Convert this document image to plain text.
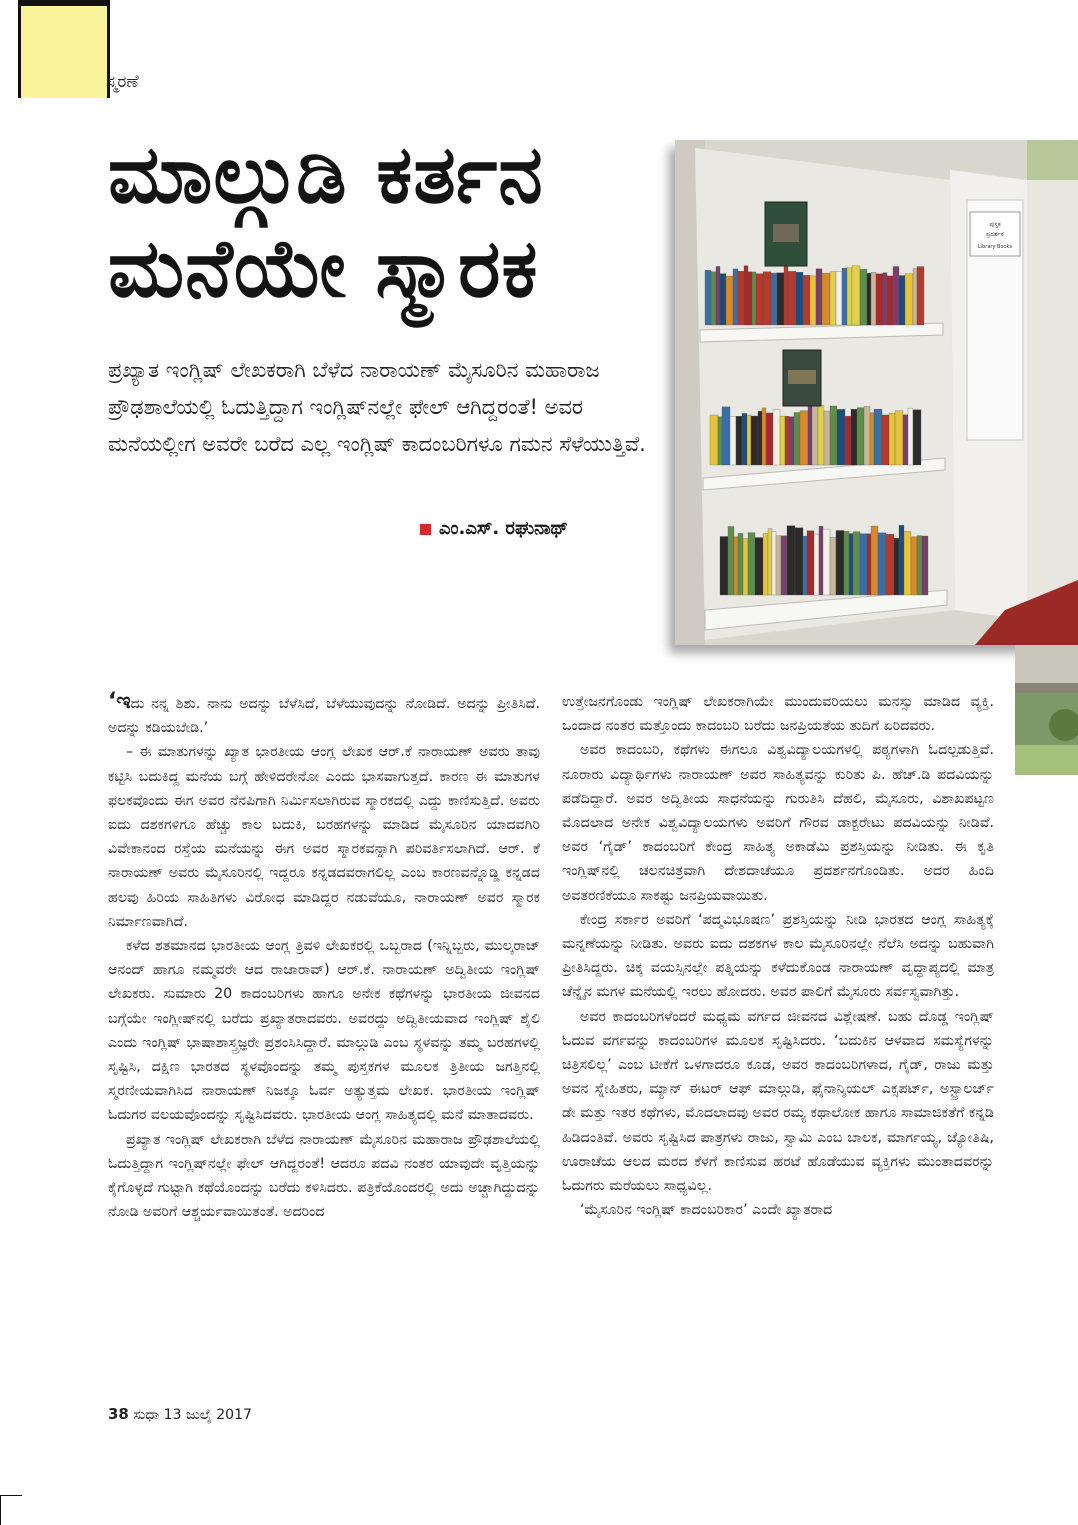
ಸ್ಮರಣೆ
ಮಾಲ್ಗುಡಿ ಕರ್ತನ
ಮನೆಯೇ ಸ್ಮಾರಕ
ಪ್ರಖ್ಯಾತ ಇಂಗ್ಲಿಷ್ ಲೇಖಕರಾಗಿ ಬೆಳೆದ ನಾರಾಯಣ್ ಮೈಸೂರಿನ ಮಹಾರಾಜ ಪ್ರೌಢಶಾಲೆಯಲ್ಲಿ ಓದುತ್ತಿದ್ದಾಗ ಇಂಗ್ಲಿಷ್‌ನಲ್ಲೇ ಫೇಲ್ ಆಗಿದ್ದರಂತೆ! ಅವರ ಮನೆಯಲ್ಲೀಗ ಅವರೇ ಬರೆದ ಎಲ್ಲ ಇಂಗ್ಲಿಷ್ ಕಾದಂಬರಿಗಳೂ ಗಮನ ಸೆಳೆಯುತ್ತಿವೆ.
ಎಂ.ಎಸ್. ರಘುನಾಥ್
ಪುಸ್ತಕ
ಪ್ರದರ್ಶನ
Library Books

‘ಇದು ನನ್ನ ಶಿಶು. ನಾನು ಅದನ್ನು ಬೆಳೆಸಿದೆ, ಬೆಳೆಯುವುದನ್ನು ನೋಡಿದೆ. ಅದನ್ನು ಪ್ರೀತಿಸಿದೆ. ಅದನ್ನು ಕಡಿಯಬೇಡಿ.’

– ಈ ಮಾತುಗಳನ್ನು ಖ್ಯಾತ ಭಾರತೀಯ ಆಂಗ್ಲ ಲೇಖಕ ಆರ್.ಕೆ ನಾರಾಯಣ್ ಅವರು ತಾವು ಕಟ್ಟಿಸಿ ಬದುಕಿದ್ದ ಮನೆಯ ಬಗ್ಗೆ ಹೇಳಿದರೇನೋ ಎಂದು ಭಾಸವಾಗುತ್ತದೆ. ಕಾರಣ ಈ ಮಾತುಗಳ ಫಲಕವೊಂದು ಈಗ ಅವರ ನೆನಪಿಗಾಗಿ ನಿರ್ಮಿಸಲಾಗಿರುವ ಸ್ಮಾರಕದಲ್ಲಿ ಎದ್ದು ಕಾಣಿಸುತ್ತಿದೆ. ಅವರು ಐದು ದಶಕಗಳಿಗೂ ಹೆಚ್ಚು ಕಾಲ ಬದುಕಿ, ಬರಹಗಳನ್ನು ಮಾಡಿದ ಮೈಸೂರಿನ ಯಾದವಗಿರಿ ವಿವೇಕಾನಂದ ರಸ್ತೆಯ ಮನೆಯನ್ನು ಈಗ ಅವರ ಸ್ಮಾರಕವನ್ನಾಗಿ ಪರಿವರ್ತಿಸಲಾಗಿದೆ. ಆರ್. ಕೆ ನಾರಾಯಣ್ ಅವರು ಮೈಸೂರಿನಲ್ಲಿ ಇದ್ದರೂ ಕನ್ನಡದವರಾಗಲಿಲ್ಲ ಎಂಬ ಕಾರಣವನ್ನೊಡ್ಡಿ ಕನ್ನಡದ ಹಲವು ಹಿರಿಯ ಸಾಹಿತಿಗಳು ವಿರೋಧ ಮಾಡಿದ್ದರ ನಡುವೆಯೂ, ನಾರಾಯಣ್ ಅವರ ಸ್ಮಾರಕ ನಿರ್ಮಾಣವಾಗಿದೆ.

ಕಳೆದ ಶತಮಾನದ ಭಾರತೀಯ ಆಂಗ್ಲ ತ್ರಿವಳಿ ಲೇಖಕರಲ್ಲಿ ಒಬ್ಬರಾದ (ಇನ್ನಿಬ್ಬರು, ಮುಲ್ಕರಾಜ್ ಆನಂದ್ ಹಾಗೂ ನಮ್ಮವರೇ ಆದ ರಾಜಾರಾವ್) ಆರ್.ಕೆ. ನಾರಾಯಣ್ ಅದ್ವಿತೀಯ ಇಂಗ್ಲಿಷ್ ಲೇಖಕರು. ಸುಮಾರು 20 ಕಾದಂಬರಿಗಳು ಹಾಗೂ ಅನೇಕ ಕಥೆಗಳನ್ನು ಭಾರತೀಯ ಜೀವನದ ಬಗ್ಗೆಯೇ ಇಂಗ್ಲೀಷ್‌ನಲ್ಲಿ ಬರೆದು ಪ್ರಖ್ಯಾತರಾದವರು. ಅವರದ್ದು ಅದ್ವಿತೀಯವಾದ ಇಂಗ್ಲಿಷ್ ಶೈಲಿ ಎಂದು ಇಂಗ್ಲಿಷ್ ಭಾಷಾಶಾಸ್ತ್ರಜ್ಞರೇ ಪ್ರಶಂಸಿಸಿದ್ದಾರೆ. ಮಾಲ್ಗುಡಿ ಎಂಬ ಸ್ಥಳವನ್ನು ತಮ್ಮ ಬರಹಗಳಲ್ಲಿ ಸೃಷ್ಟಿಸಿ, ದಕ್ಷಿಣ ಭಾರತದ ಸ್ಥಳವೊಂದನ್ನು ತಮ್ಮ ಪುಸ್ತಕಗಳ ಮೂಲಕ ತ್ರಿತೀಯ ಜಗತ್ತಿನಲ್ಲಿ ಸ್ಮರಣೀಯವಾಗಿಸಿದ ನಾರಾಯಣ್ ನಿಜಕ್ಕೂ ಓರ್ವ ಅತ್ಯುತ್ತಮ ಲೇಖಕ. ಭಾರತೀಯ ಇಂಗ್ಲಿಷ್ ಓದುಗರ ವಲಯವೊಂದನ್ನು ಸೃಷ್ಟಿಸಿದವರು. ಭಾರತೀಯ ಆಂಗ್ಲ ಸಾಹಿತ್ಯದಲ್ಲಿ ಮನೆ ಮಾತಾದವರು.

ಪ್ರಖ್ಯಾತ ಇಂಗ್ಲಿಷ್ ಲೇಖಕರಾಗಿ ಬೆಳೆದ ನಾರಾಯಣ್ ಮೈಸೂರಿನ ಮಹಾರಾಜ ಪ್ರೌಢಶಾಲೆಯಲ್ಲಿ ಓದುತ್ತಿದ್ದಾಗ ಇಂಗ್ಲಿಷ್‌ನಲ್ಲೇ ಫೇಲ್ ಆಗಿದ್ದರಂತೆ! ಆದರೂ ಪದವಿ ನಂತರ ಯಾವುದೇ ವೃತ್ತಿಯನ್ನು ಕೈಗೊಳ್ಳದೆ ಗುಟ್ಟಾಗಿ ಕಥೆಯೊಂದನ್ನು ಬರೆದು ಕಳಿಸಿದರು. ಪತ್ರಿಕೆಯೊಂದರಲ್ಲಿ ಅದು ಅಚ್ಚಾಗಿದ್ದುದನ್ನು ನೋಡಿ ಅವರಿಗೆ ಆಶ್ಚರ್ಯವಾಯಿತಂತೆ. ಅದರಿಂದ

ಉತ್ತೇಜನಗೊಂಡು ಇಂಗ್ಲಿಷ್ ಲೇಖಕರಾಗಿಯೇ ಮುಂದುವರಿಯಲು ಮನಸ್ಸು ಮಾಡಿದ ವ್ಯಕ್ತಿ. ಒಂದಾದ ನಂತರ ಮತ್ತೊಂದು ಕಾದಂಬರಿ ಬರೆದು ಜನಪ್ರಿಯತೆಯ ತುದಿಗೆ ಏರಿದವರು.

ಅವರ ಕಾದಂಬರಿ, ಕಥೆಗಳು ಈಗಲೂ ವಿಶ್ವವಿದ್ಯಾಲಯಗಳಲ್ಲಿ ಪಠ್ಯಗಳಾಗಿ ಓದಲ್ಪಡುತ್ತಿವೆ. ನೂರಾರು ವಿದ್ಯಾರ್ಥಿಗಳು ನಾರಾಯಣ್ ಅವರ ಸಾಹಿತ್ಯವನ್ನು ಕುರಿತು ಪಿ. ಹೆಚ್.ಡಿ ಪದವಿಯನ್ನು ಪಡೆದಿದ್ದಾರೆ. ಅವರ ಅದ್ವಿತೀಯ ಸಾಧನೆಯನ್ನು ಗುರುತಿಸಿ ದೆಹಲಿ, ಮೈಸೂರು, ವಿಶಾಖಪಟ್ಟಣ ಮೊದಲಾದ ಅನೇಕ ವಿಶ್ವವಿದ್ಯಾಲಯಗಳು ಅವರಿಗೆ ಗೌರವ ಡಾಕ್ಟರೇಟು ಪದವಿಯನ್ನು ನೀಡಿವೆ. ಅವರ ‘ಗೈಡ್’ ಕಾದಂಬರಿಗೆ ಕೇಂದ್ರ ಸಾಹಿತ್ಯ ಅಕಾಡೆಮಿ ಪ್ರಶಸ್ತಿಯನ್ನು ನೀಡಿತು. ಈ ಕೃತಿ ಇಂಗ್ಲಿಷ್‌ನಲ್ಲಿ ಚಲನಚಿತ್ರವಾಗಿ ದೇಶದಾಚೆಯೂ ಪ್ರದರ್ಶನಗೊಂಡಿತು. ಅದರ ಹಿಂದಿ ಅವತರಣಿಕೆಯೂ ಸಾಕಷ್ಟು ಜನಪ್ರಿಯವಾಯಿತು.

ಕೇಂದ್ರ ಸರ್ಕಾರ ಅವರಿಗೆ ‘ಪದ್ಮವಿಭೂಷಣ’ ಪ್ರಶಸ್ತಿಯನ್ನು ನೀಡಿ ಭಾರತದ ಆಂಗ್ಲ ಸಾಹಿತ್ಯಕ್ಕೆ ಮನ್ನಣೆಯನ್ನು ನೀಡಿತು. ಅವರು ಐದು ದಶಕಗಳ ಕಾಲ ಮೈಸೂರಿನಲ್ಲೇ ನೆಲೆಸಿ ಅದನ್ನು ಬಹುವಾಗಿ ಪ್ರೀತಿಸಿದ್ದರು. ಚಿಕ್ಕ ವಯಸ್ಸಿನಲ್ಲೇ ಪತ್ನಿಯನ್ನು ಕಳೆದುಕೊಂಡ ನಾರಾಯಣ್ ವೃದ್ಧಾಪ್ಯದಲ್ಲಿ ಮಾತ್ರ ಚೆನ್ನೈನ ಮಗಳ ಮನೆಯಲ್ಲಿ ಇರಲು ಹೋದರು. ಅವರ ಪಾಲಿಗೆ ಮೈಸೂರು ಸರ್ವಸ್ವವಾಗಿತ್ತು.

ಅವರ ಕಾದಂಬರಿಗಳೆಂದರೆ ಮಧ್ಯಮ ವರ್ಗದ ಜೀವನದ ವಿಶ್ಲೇಷಣೆ. ಬಹು ದೊಡ್ಡ ಇಂಗ್ಲಿಷ್ ಓದುವ ವರ್ಗವನ್ನು ಕಾದಂಬರಿಗಳ ಮೂಲಕ ಸೃಷ್ಟಿಸಿದರು. ‘ಬದುಕಿನ ಆಳವಾದ ಸಮಸ್ಯೆಗಳನ್ನು ಚಿತ್ರಿಸಲಿಲ್ಲ’ ಎಂಬ ಟೀಕೆಗೆ ಒಳಗಾದರೂ ಕೂಡ, ಅವರ ಕಾದಂಬರಿಗಳಾದ, ಗೈಡ್, ರಾಜು ಮತ್ತು ಅವನ ಸ್ನೇಹಿತರು, ಮ್ಯಾನ್ ಈಟರ್ ಆಫ್ ಮಾಲ್ಗುಡಿ, ಫೈನಾನ್ಶಿಯಲ್ ಎಕ್ಸಪರ್ಟ್, ಅಸ್ಟ್ರಾಲರ್ಜ್ ಡೇ ಮತ್ತು ಇತರ ಕಥೆಗಳು, ಮೊದಲಾದವು ಅವರ ರಮ್ಯ ಕಥಾಲೋಕ ಹಾಗೂ ಸಾಮಾಜಿಕತೆಗೆ ಕನ್ನಡಿ ಹಿಡಿದಂತಿವೆ. ಅವರು ಸೃಷ್ಟಿಸಿದ ಪಾತ್ರಗಳು ರಾಜು, ಸ್ವಾಮಿ ಎಂಬ ಬಾಲಕ, ಮಾರ್ಗಯ್ಯ, ಜ್ಯೋತಿಷಿ, ಊರಾಚೆಯ ಆಲದ ಮರದ ಕೆಳಗೆ ಕಾಣಿಸುವ ಹರಟೆ ಹೊಡೆಯುವ ವ್ಯಕ್ತಿಗಳು ಮುಂತಾದವರನ್ನು ಓದುಗರು ಮರೆಯಲು ಸಾಧ್ಯವಿಲ್ಲ.

‘ಮೈಸೂರಿನ ಇಂಗ್ಲಿಷ್ ಕಾದಂಬರಿಕಾರ’ ಎಂದೇ ಖ್ಯಾತರಾದ

38 ಸುಧಾ 13 ಜುಲೈ 2017
